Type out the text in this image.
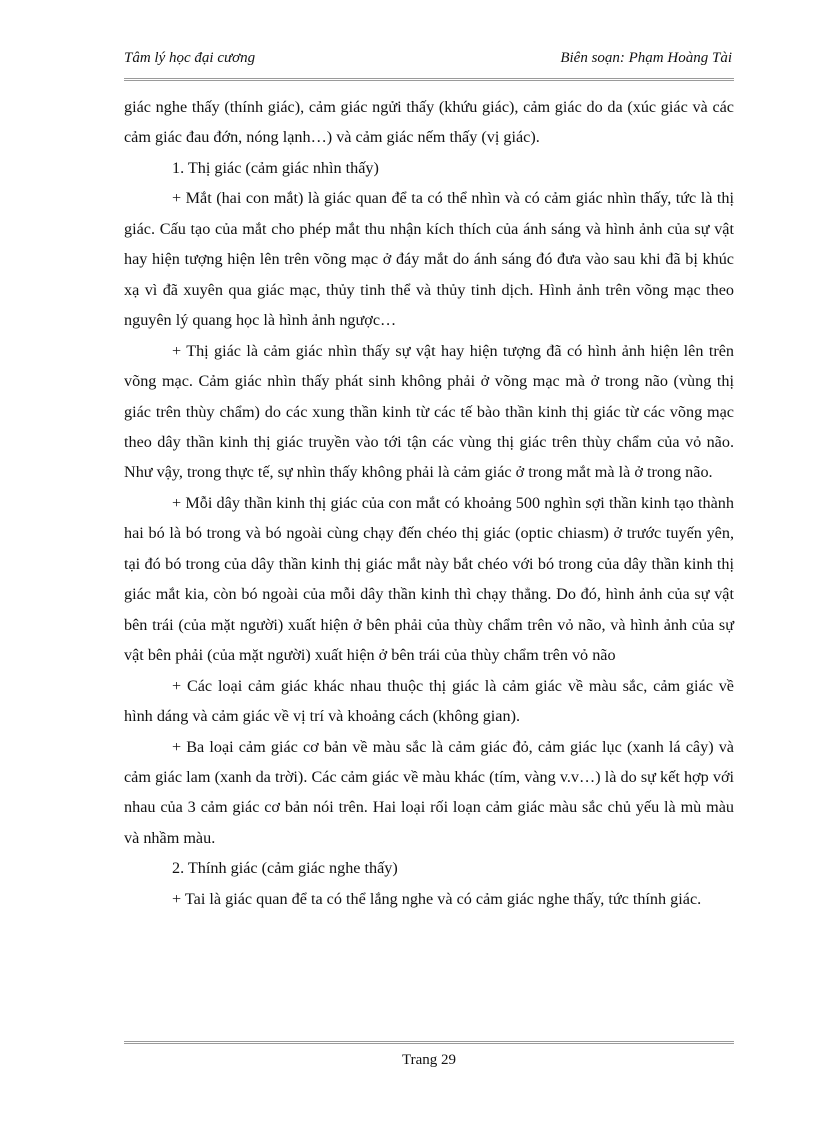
Tâm lý học đại cương	Biên soạn: Phạm Hoàng Tài

giác nghe thấy (thính giác), cảm giác ngửi thấy (khứu giác), cảm giác do da (xúc giác và các cảm giác đau đớn, nóng lạnh…) và cảm giác nếm thấy (vị giác).

1. Thị giác (cảm giác nhìn thấy)

+ Mắt (hai con mắt) là giác quan để ta có thể nhìn và có cảm giác nhìn thấy, tức là thị giác. Cấu tạo của mắt cho phép mắt thu nhận kích thích của ánh sáng và hình ảnh của sự vật hay hiện tượng hiện lên trên võng mạc ở đáy mắt do ánh sáng đó đưa vào sau khi đã bị khúc xạ vì đã xuyên qua giác mạc, thủy tinh thể và thủy tinh dịch. Hình ảnh trên võng mạc theo nguyên lý quang học là hình ảnh ngược…

+ Thị giác là cảm giác nhìn thấy sự vật hay hiện tượng đã có hình ảnh hiện lên trên võng mạc. Cảm giác nhìn thấy phát sinh không phải ở võng mạc mà ở trong não (vùng thị giác trên thùy chẩm) do các xung thần kinh từ các tế bào thần kinh thị giác từ các võng mạc theo dây thần kinh thị giác truyền vào tới tận các vùng thị giác trên thùy chẩm của vỏ não. Như vậy, trong thực tế, sự nhìn thấy không phải là cảm giác ở trong mắt mà là ở trong não.

+ Mỗi dây thần kinh thị giác của con mắt có khoảng 500 nghìn sợi thần kinh tạo thành hai bó là bó trong và bó ngoài cùng chạy đến chéo thị giác (optic chiasm) ở trước tuyến yên, tại đó bó trong của dây thần kinh thị giác mắt này bắt chéo với bó trong của dây thần kinh thị giác mắt kia, còn bó ngoài của mỗi dây thần kinh thì chạy thẳng. Do đó, hình ảnh của sự vật bên trái (của mặt người) xuất hiện ở bên phải của thùy chẩm trên vỏ não, và hình ảnh của sự vật bên phải (của mặt người) xuất hiện ở bên trái của thùy chẩm trên vỏ não

+ Các loại cảm giác khác nhau thuộc thị giác là cảm giác về màu sắc, cảm giác về hình dáng và cảm giác về vị trí và khoảng cách (không gian).

+ Ba loại cảm giác cơ bản về màu sắc là cảm giác đỏ, cảm giác lục (xanh lá cây) và cảm giác lam (xanh da trời). Các cảm giác về màu khác (tím, vàng v.v…) là do sự kết hợp với nhau của 3 cảm giác cơ bản nói trên. Hai loại rối loạn cảm giác màu sắc chủ yếu là mù màu và nhầm màu.

2. Thính giác (cảm giác nghe thấy)

+ Tai là giác quan để ta có thể lắng nghe và có cảm giác nghe thấy, tức thính giác.

Trang 29
